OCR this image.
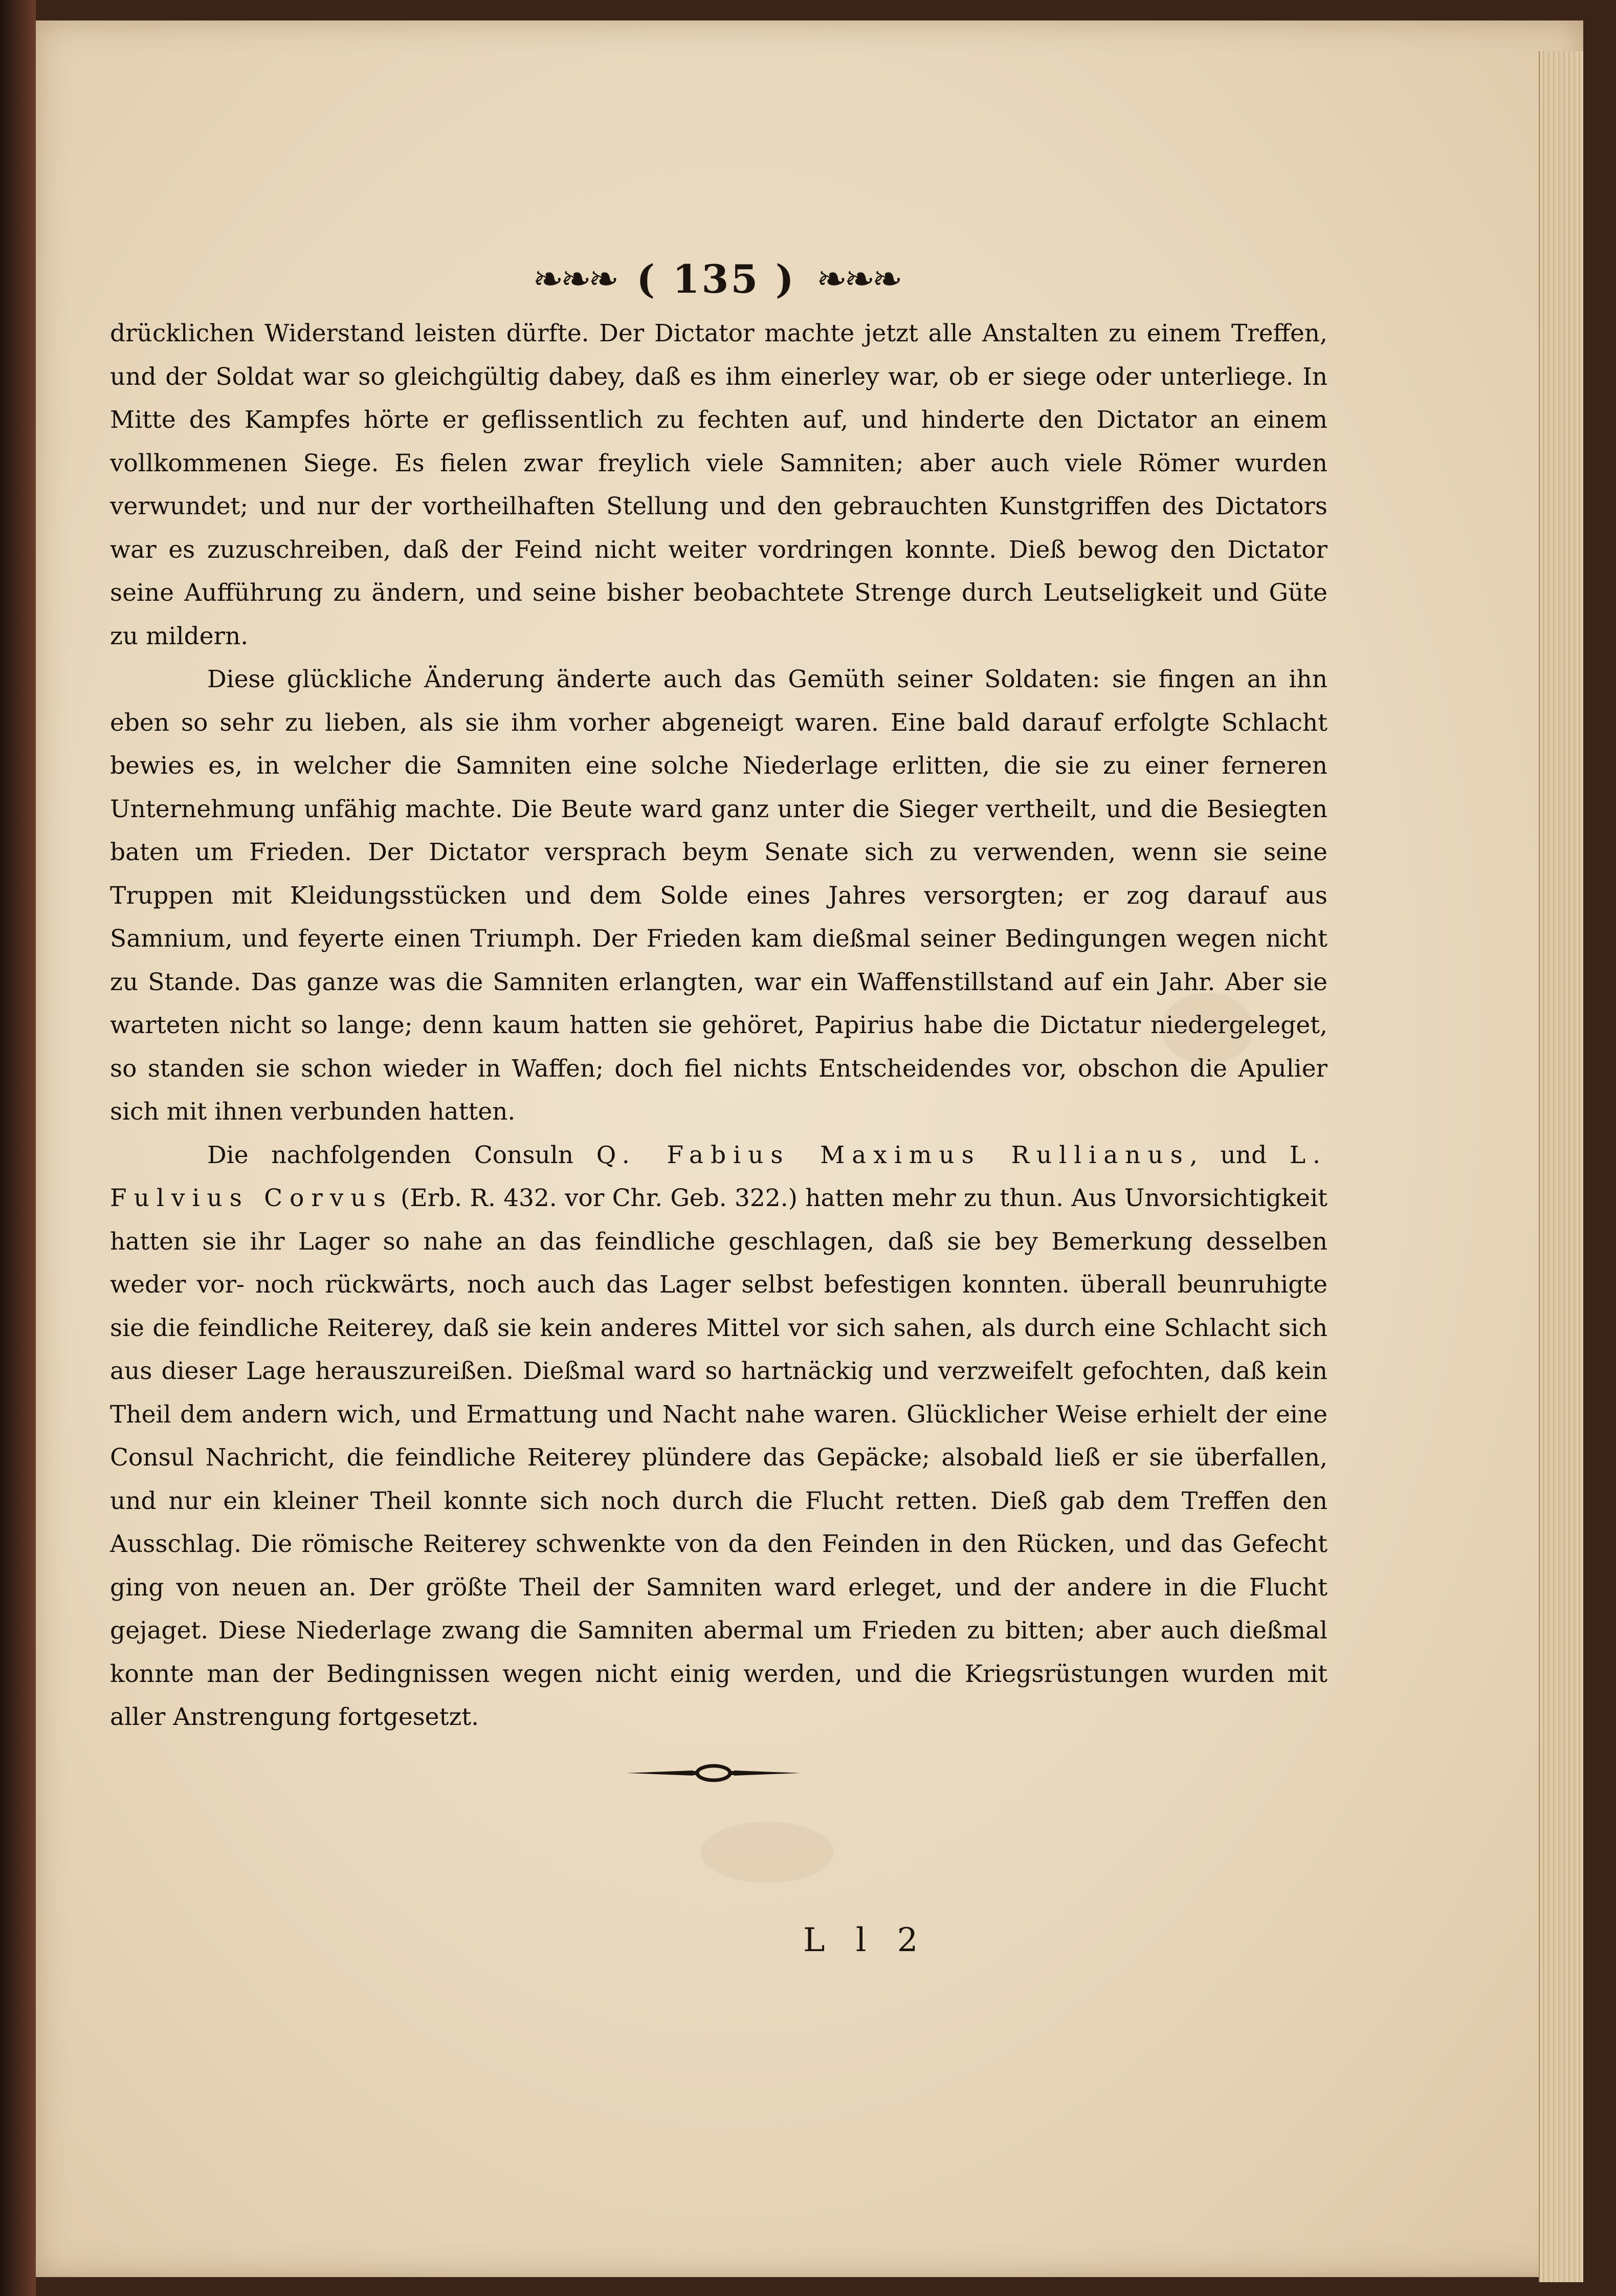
❧❧❧ ( 135 ) ❧❧❧

drücklichen Widerstand leisten dürfte. Der Dictator machte jetzt alle Anstalten zu einem Treffen, und der Soldat war so gleichgültig dabey, daß es ihm einerley war, ob er siege oder unterliege. In Mitte des Kampfes hörte er geflissentlich zu fechten auf, und hinderte den Dictator an einem vollkommenen Siege. Es fielen zwar freylich viele Samniten; aber auch viele Römer wurden verwundet; und nur der vortheilhaften Stellung und den gebrauchten Kunstgriffen des Dictators war es zuzuschreiben, daß der Feind nicht weiter vordringen konnte. Dieß bewog den Dictator seine Aufführung zu ändern, und seine bisher beobachtete Strenge durch Leutseligkeit und Güte zu mildern.

Diese glückliche Änderung änderte auch das Gemüth seiner Soldaten: sie fingen an ihn eben so sehr zu lieben, als sie ihm vorher abgeneigt waren. Eine bald darauf erfolgte Schlacht bewies es, in welcher die Samniten eine solche Niederlage erlitten, die sie zu einer ferneren Unternehmung unfähig machte. Die Beute ward ganz unter die Sieger vertheilt, und die Besiegten baten um Frieden. Der Dictator versprach beym Senate sich zu verwenden, wenn sie seine Truppen mit Kleidungsstücken und dem Solde eines Jahres versorgten; er zog darauf aus Samnium, und feyerte einen Triumph. Der Frieden kam dießmal seiner Bedingungen wegen nicht zu Stande. Das ganze was die Samniten erlangten, war ein Waffenstillstand auf ein Jahr. Aber sie warteten nicht so lange; denn kaum hatten sie gehöret, Papirius habe die Dictatur niedergeleget, so standen sie schon wieder in Waffen; doch fiel nichts Entscheidendes vor, obschon die Apulier sich mit ihnen verbunden hatten.

Die nachfolgenden Consuln Q. Fabius Maximus Rullianus, und L. Fulvius Corvus (Erb. R. 432. vor Chr. Geb. 322.) hatten mehr zu thun. Aus Unvorsichtigkeit hatten sie ihr Lager so nahe an das feindliche geschlagen, daß sie bey Bemerkung desselben weder vor- noch rückwärts, noch auch das Lager selbst befestigen konnten. überall beunruhigte sie die feindliche Reiterey, daß sie kein anderes Mittel vor sich sahen, als durch eine Schlacht sich aus dieser Lage herauszureißen. Dießmal ward so hartnäckig und verzweifelt gefochten, daß kein Theil dem andern wich, und Ermattung und Nacht nahe waren. Glücklicher Weise erhielt der eine Consul Nachricht, die feindliche Reiterey plündere das Gepäcke; alsobald ließ er sie überfallen, und nur ein kleiner Theil konnte sich noch durch die Flucht retten. Dieß gab dem Treffen den Ausschlag. Die römische Reiterey schwenkte von da den Feinden in den Rücken, und das Gefecht ging von neuen an. Der größte Theil der Samniten ward erleget, und der andere in die Flucht gejaget. Diese Niederlage zwang die Samniten abermal um Frieden zu bitten; aber auch dießmal konnte man der Bedingnissen wegen nicht einig werden, und die Kriegsrüstungen wurden mit aller Anstrengung fortgesetzt.

L l 2
